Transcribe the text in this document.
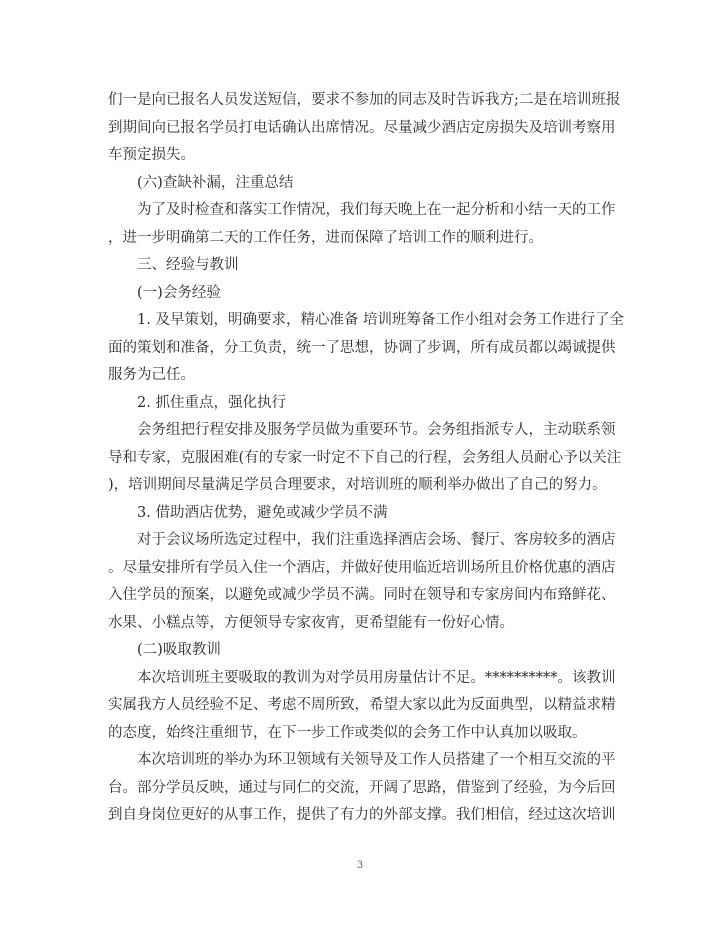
们一是向已报名人员发送短信，要求不参加的同志及时告诉我方;二是在培训班报
到期间向已报名学员打电话确认出席情况。尽量减少酒店定房损失及培训考察用
车预定损失。
(六)查缺补漏，注重总结
为了及时检查和落实工作情况，我们每天晚上在一起分析和小结一天的工作
，进一步明确第二天的工作任务，进而保障了培训工作的顺利进行。
三、经验与教训
(一)会务经验
1. 及早策划，明确要求，精心准备 培训班筹备工作小组对会务工作进行了全
面的策划和准备，分工负责，统一了思想，协调了步调，所有成员都以竭诚提供
服务为己任。
2. 抓住重点，强化执行
会务组把行程安排及服务学员做为重要环节。会务组指派专人，主动联系领
导和专家，克服困难(有的专家一时定不下自己的行程，会务组人员耐心予以关注
)，培训期间尽量满足学员合理要求，对培训班的顺利举办做出了自己的努力。
3. 借助酒店优势，避免或减少学员不满
对于会议场所选定过程中，我们注重选择酒店会场、餐厅、客房较多的酒店
。尽量安排所有学员入住一个酒店，并做好使用临近培训场所且价格优惠的酒店
入住学员的预案，以避免或减少学员不满。同时在领导和专家房间内布臵鲜花、
水果、小糕点等，方便领导专家夜宵，更希望能有一份好心情。
(二)吸取教训
本次培训班主要吸取的教训为对学员用房量估计不足。**********。该教训
实属我方人员经验不足、考虑不周所致，希望大家以此为反面典型，以精益求精
的态度，始终注重细节，在下一步工作或类似的会务工作中认真加以吸取。
本次培训班的举办为环卫领域有关领导及工作人员搭建了一个相互交流的平
台。部分学员反映，通过与同仁的交流，开阔了思路，借鉴到了经验，为今后回
到自身岗位更好的从事工作，提供了有力的外部支撑。我们相信，经过这次培训
3
